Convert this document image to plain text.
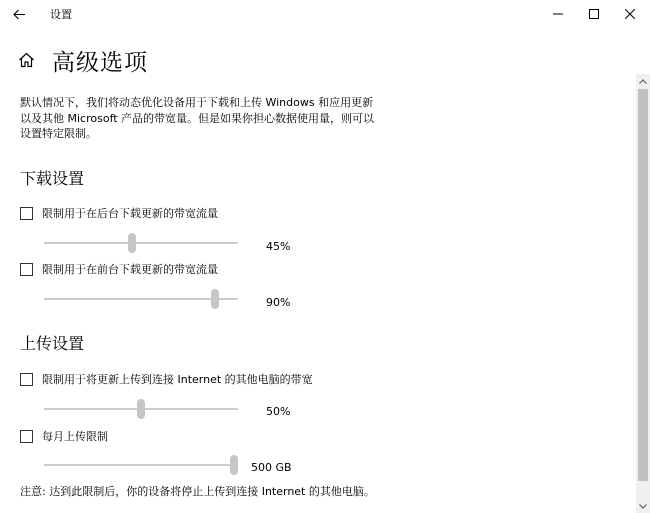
设置
高级选项
默认情况下，我们将动态优化设备用于下载和上传 Windows 和应用更新
以及其他 Microsoft 产品的带宽量。但是如果你担心数据使用量，则可以
设置特定限制。
下载设置
限制用于在后台下载更新的带宽流量
45%
限制用于在前台下载更新的带宽流量
90%
上传设置
限制用于将更新上传到连接 Internet 的其他电脑的带宽
50%
每月上传限制
500 GB
注意: 达到此限制后，你的设备将停止上传到连接 Internet 的其他电脑。
